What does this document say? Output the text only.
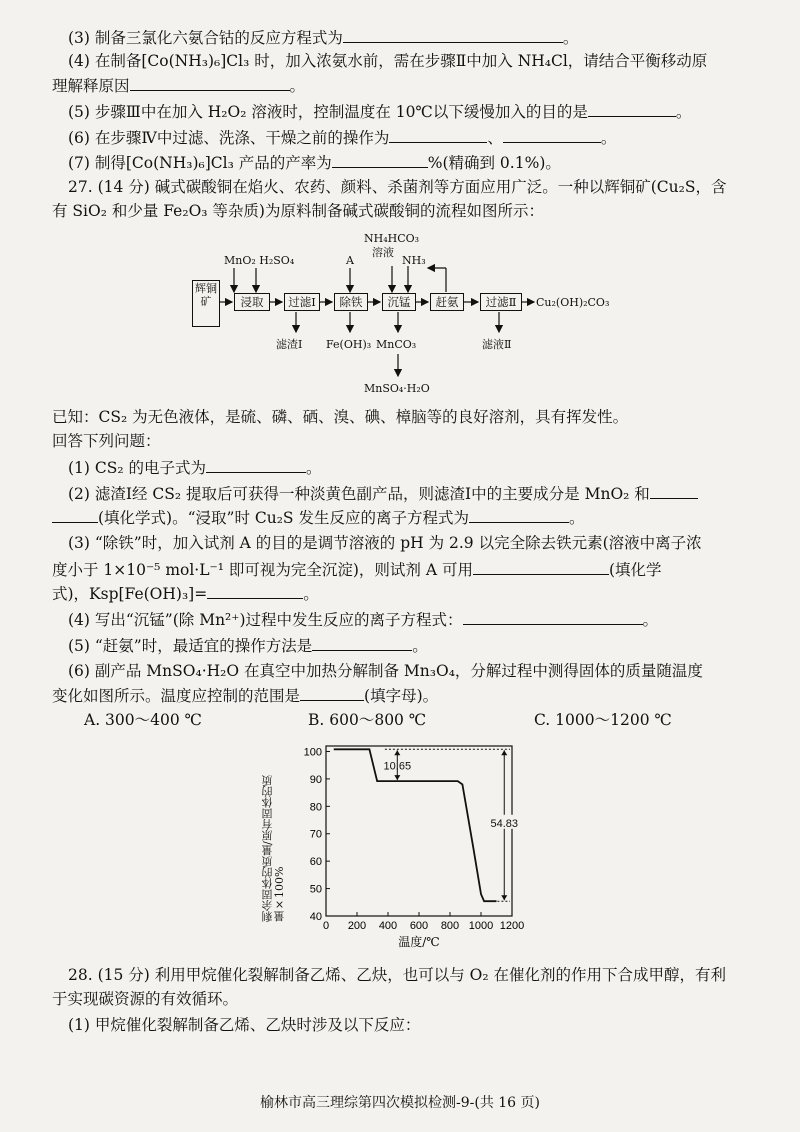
(3) 制备三氯化六氨合钴的反应方程式为	。
(4) 在制备[Co(NH₃)₆]Cl₃ 时，加入浓氨水前，需在步骤Ⅱ中加入 NH₄Cl，请结合平衡移动原
理解释原因	。
(5) 步骤Ⅲ中在加入 H₂O₂ 溶液时，控制温度在 10℃以下缓慢加入的目的是	。
(6) 在步骤Ⅳ中过滤、洗涤、干燥之前的操作为	、	。
(7) 制得[Co(NH₃)₆]Cl₃ 产品的产率为	%(精确到 0.1%)。
27. (14 分) 碱式碳酸铜在焰火、农药、颜料、杀菌剂等方面应用广泛。一种以辉铜矿(Cu₂S，含
有 SiO₂ 和少量 Fe₂O₃ 等杂质)为原料制备碱式碳酸铜的流程如图所示：
辉铜矿	浸取	过滤Ⅰ	除铁	沉锰	赶氨	过滤Ⅱ	Cu₂(OH)₂CO₃
MnO₂ H₂SO₄	A
NH₄HCO₃
溶液
NH₃
滤渣Ⅰ Fe(OH)₃ MnCO₃
MnSO₄·H₂O
滤液Ⅱ
已知：CS₂ 为无色液体，是硫、磷、硒、溴、碘、樟脑等的良好溶剂，具有挥发性。
回答下列问题：
(1) CS₂ 的电子式为	。
(2) 滤渣Ⅰ经 CS₂ 提取后可获得一种淡黄色副产品，则滤渣Ⅰ中的主要成分是 MnO₂ 和
(填化学式)。“浸取”时 Cu₂S 发生反应的离子方程式为	。
(3) “除铁”时，加入试剂 A 的目的是调节溶液的 pH 为 2.9 以完全除去铁元素(溶液中离子浓
度小于 1×10⁻⁵ mol·L⁻¹ 即可视为完全沉淀)，则试剂 A 可用	(填化学
式)，Ksp[Fe(OH)₃]=	。
(4) 写出“沉锰”(除 Mn²⁺)过程中发生反应的离子方程式：	。
(5) “赶氨”时，最适宜的操作方法是	。
(6) 副产品 MnSO₄·H₂O 在真空中加热分解制备 Mn₃O₄，分解过程中测得固体的质量随温度
变化如图所示。温度应控制的范围是	(填字母)。
A. 300～400 ℃	B. 600～800 ℃	C. 1000～1200 ℃
40
50
60
70
80
90
100
0 200 400 600 800 1000 1200
温度/℃
10.65
54.83
剩余固体的质量/原有固体的质量×100%
28. (15 分) 利用甲烷催化裂解制备乙烯、乙炔，也可以与 O₂ 在催化剂的作用下合成甲醇，有利
于实现碳资源的有效循环。
(1) 甲烷催化裂解制备乙烯、乙炔时涉及以下反应：
榆林市高三理综第四次模拟检测-9-(共 16 页)
